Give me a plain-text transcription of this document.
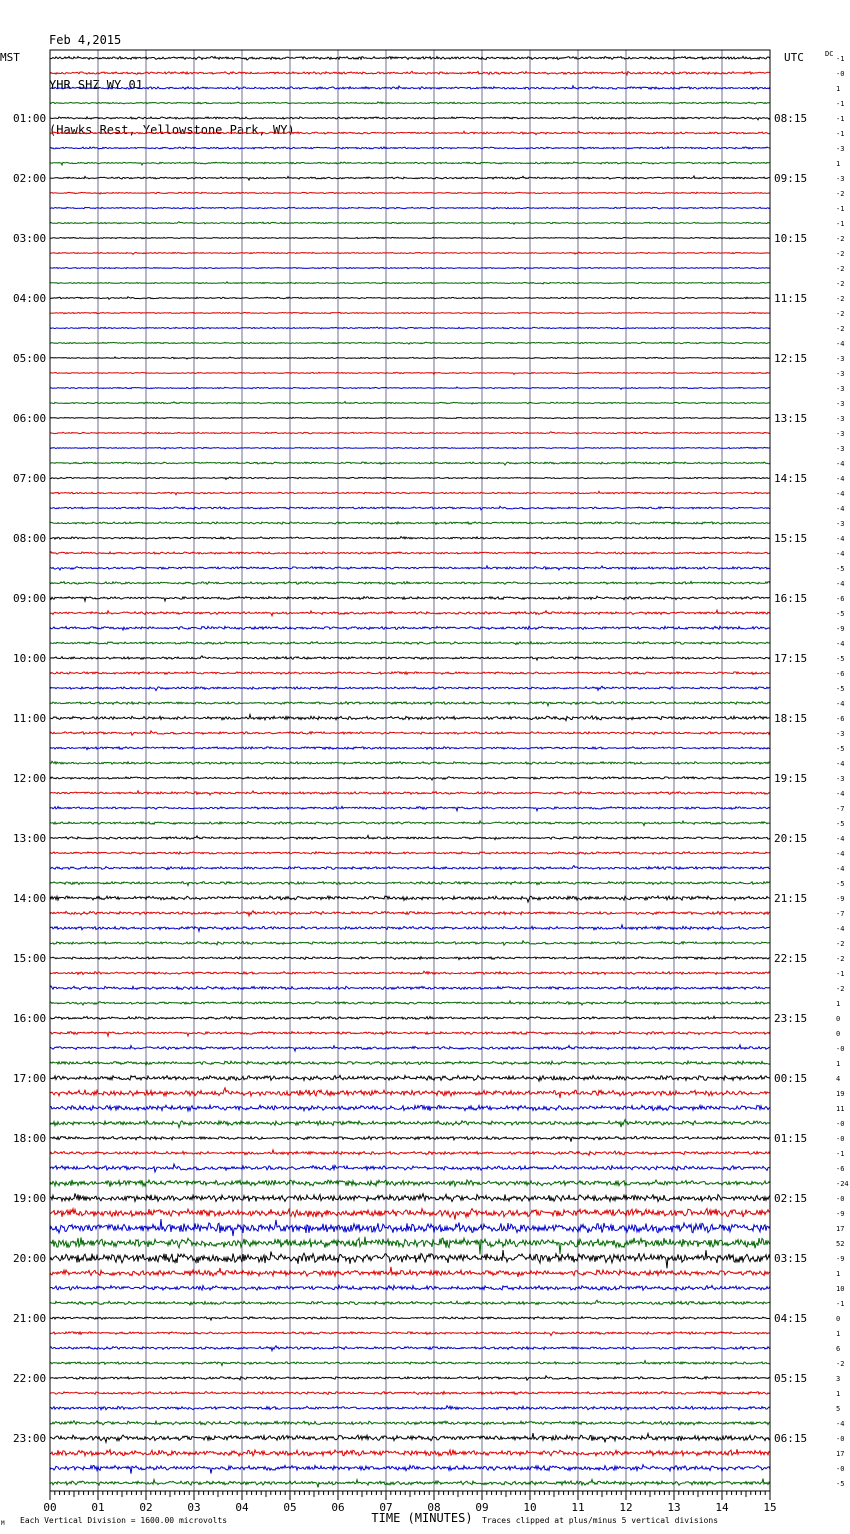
Feb 4,2015

YHR SHZ WY 01

(Hawks Rest, Yellowstone Park, WY)

00	01	02	03	04	05	06	07	08	09	10	11	12	13	14	15
-1
-0
1
-1
-1
-1
-3
1
-3
-2
-1
-1
-2
-2
-2
-2
-2
-2
-2
-4
-3
-3
-3
-3
-3
-3
-3
-4
-4
-4
-4
-3
-4
-4
-5
-4
-6
-5
-9
-4
-5
-6
-5
-4
-6
-3
-5
-4
-3
-4
-7
-5
-4
-4
-4
-5
-9
-7
-4
-2
-2
-1
-2
1
0
0
-0
1
4
19
11
-0
-0
-1
-6
-24
-0
-9
17
52
-9
1
10
-1
0
1
6
-2
3
1
5
-4
-0
17
-0
-5
01:00
02:00
03:00
04:00
05:00
06:00
07:00
08:00
09:00
10:00
11:00
12:00
13:00
14:00
15:00
16:00
17:00
18:00
19:00
20:00
21:00
22:00
23:00
08:15
09:15
10:15
11:15
12:15
13:15
14:15
15:15
16:15
17:15
18:15
19:15
20:15
21:15
22:15
23:15
00:15
01:15
02:15
03:15
04:15
05:15
06:15
MST	UTC	DC
TIME (MINUTES)
Each Vertical Division = 1600.00 microvolts	Traces clipped at plus/minus 5 vertical divisions
M
